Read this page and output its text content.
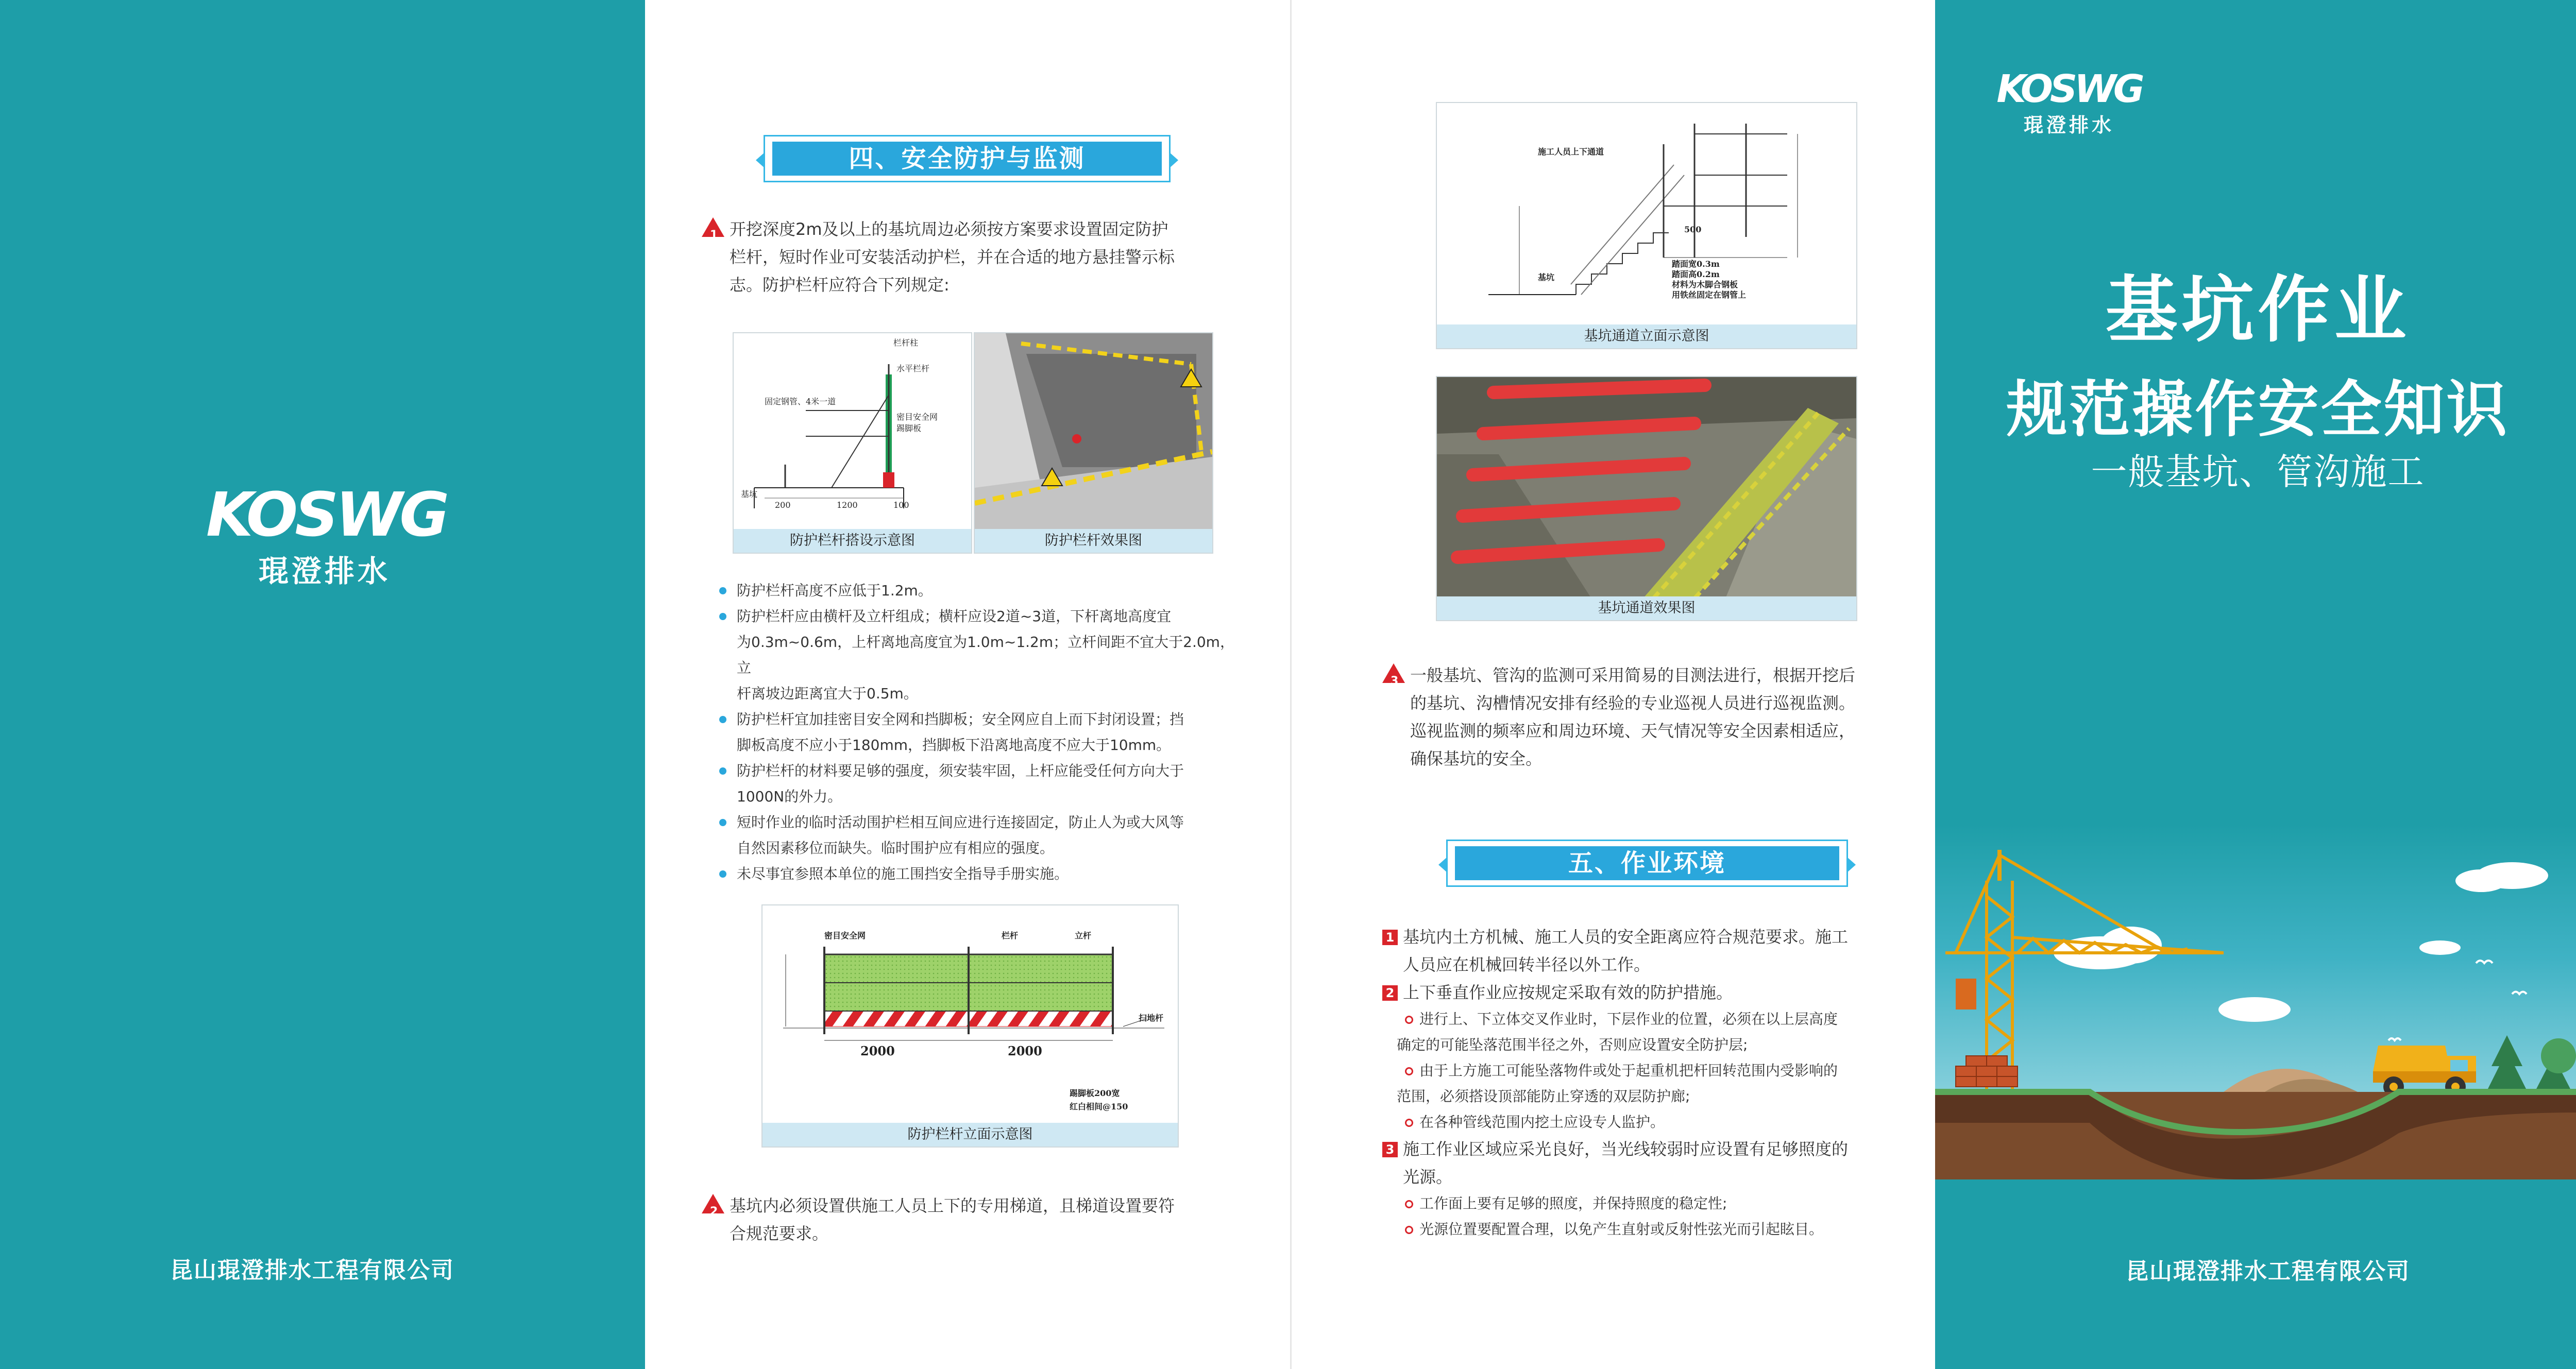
KOSWG
琨澄排水
昆山琨澄排水工程有限公司
四、安全防护与监测
1 开挖深度2m及以上的基坑周边必须按方案要求设置固定防护
栏杆，短时作业可安装活动护栏，并在合适的地方悬挂警示标
志。防护栏杆应符合下列规定:
栏杆柱
水平栏杆
固定钢管、4米一道
密目安全网
踢脚板
基坑
200	1200	100
防护栏杆搭设示意图	防护栏杆效果图
防护栏杆高度不应低于1.2m。
防护栏杆应由横杆及立杆组成；横杆应设2道~3道，下杆离地高度宜
为0.3m~0.6m，上杆离地高度宜为1.0m~1.2m；立杆间距不宜大于2.0m， 立
杆离坡边距离宜大于0.5m。
防护栏杆宜加挂密目安全网和挡脚板；安全网应自上而下封闭设置；挡
脚板高度不应小于180mm，挡脚板下沿离地高度不应大于10mm。
防护栏杆的材料要足够的强度，须安装牢固，上杆应能受任何方向大于
1000N的外力。
短时作业的临时活动围护栏相互间应进行连接固定，防止人为或大风等
自然因素移位而缺失。临时围护应有相应的强度。
未尽事宜参照本单位的施工围挡安全指导手册实施。
密目安全网	栏杆	立杆
扫地杆
2000	2000
踢脚板200宽
红白相间@150
防护栏杆立面示意图
2 基坑内必须设置供施工人员上下的专用梯道，且梯道设置要符
合规范要求。
施工人员上下通道
基坑
500
踏面宽0.3m
踏面高0.2m
材料为木脚合钢板
用铁丝固定在钢管上
基坑通道立面示意图
基坑通道效果图
3 一般基坑、管沟的监测可采用简易的目测法进行，根据开挖后
的基坑、沟槽情况安排有经验的专业巡视人员进行巡视监测。
巡视监测的频率应和周边环境、天气情况等安全因素相适应，
确保基坑的安全。
五、作业环境
1 基坑内土方机械、施工人员的安全距离应符合规范要求。施工
人员应在机械回转半径以外工作。
2 上下垂直作业应按规定采取有效的防护措施。
进行上、下立体交叉作业时，下层作业的位置，必须在以上层高度
确定的可能坠落范围半径之外，否则应设置安全防护层;
由于上方施工可能坠落物件或处于起重机把杆回转范围内受影响的
范围，必须搭设顶部能防止穿透的双层防护廊;
在各种管线范围内挖土应设专人监护。
3 施工作业区域应采光良好，当光线较弱时应设置有足够照度的
光源。
工作面上要有足够的照度，并保持照度的稳定性;
光源位置要配置合理，以免产生直射或反射性弦光而引起眩目。
KOSWG
琨澄排水
基坑作业
规范操作安全知识
一般基坑、管沟施工
昆山琨澄排水工程有限公司
